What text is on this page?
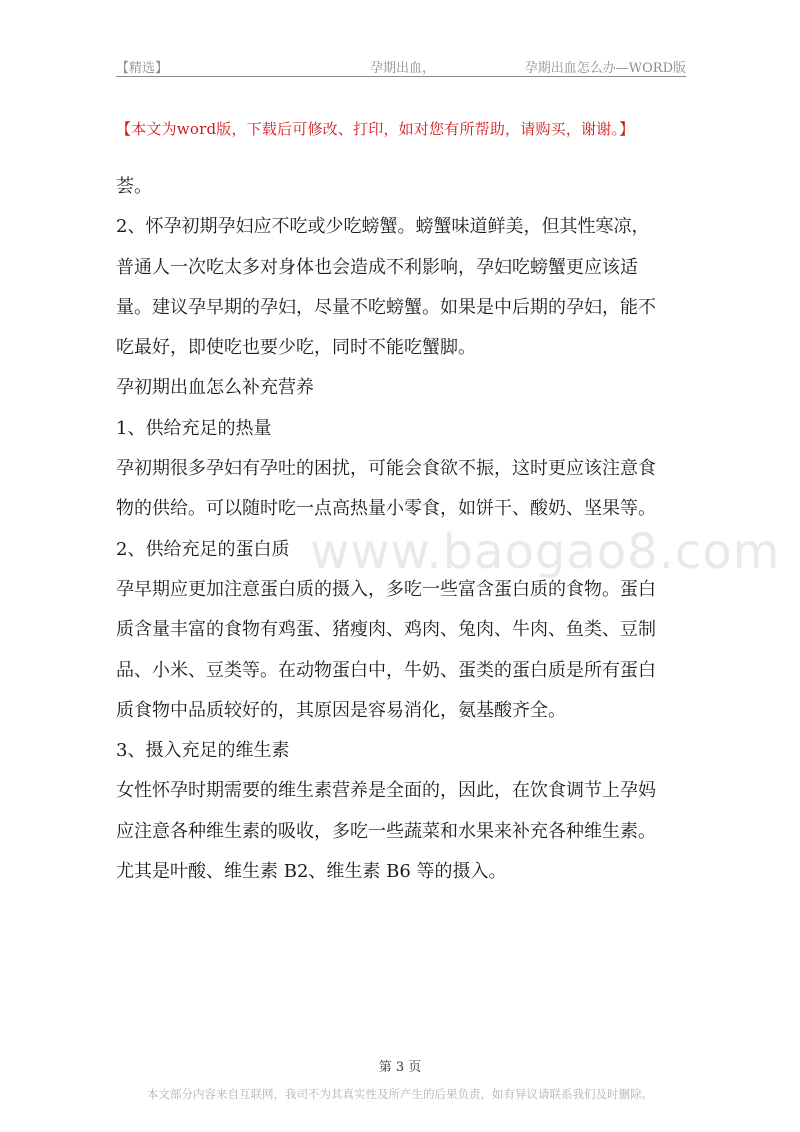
【精选】	孕期出血，	孕期出血怎么办—WORD版
【本文为word版，下载后可修改、打印，如对您有所帮助，请购买，谢谢。】
www.baogao8.com

荟。

2、怀孕初期孕妇应不吃或少吃螃蟹。螃蟹味道鲜美，但其性寒凉，

普通人一次吃太多对身体也会造成不利影响，孕妇吃螃蟹更应该适

量。建议孕早期的孕妇，尽量不吃螃蟹。如果是中后期的孕妇，能不

吃最好，即使吃也要少吃，同时不能吃蟹脚。

孕初期出血怎么补充营养

1、供给充足的热量

孕初期很多孕妇有孕吐的困扰，可能会食欲不振，这时更应该注意食

物的供给。可以随时吃一点高热量小零食，如饼干、酸奶、坚果等。

2、供给充足的蛋白质

孕早期应更加注意蛋白质的摄入，多吃一些富含蛋白质的食物。蛋白

质含量丰富的食物有鸡蛋、猪瘦肉、鸡肉、兔肉、牛肉、鱼类、豆制

品、小米、豆类等。在动物蛋白中，牛奶、蛋类的蛋白质是所有蛋白

质食物中品质较好的，其原因是容易消化，氨基酸齐全。

3、摄入充足的维生素

女性怀孕时期需要的维生素营养是全面的，因此，在饮食调节上孕妈

应注意各种维生素的吸收，多吃一些蔬菜和水果来补充各种维生素。

尤其是叶酸、维生素 B2、维生素 B6 等的摄入。

第 3 页
本文部分内容来自互联网，我司不为其真实性及所产生的后果负责，如有异议请联系我们及时删除。
